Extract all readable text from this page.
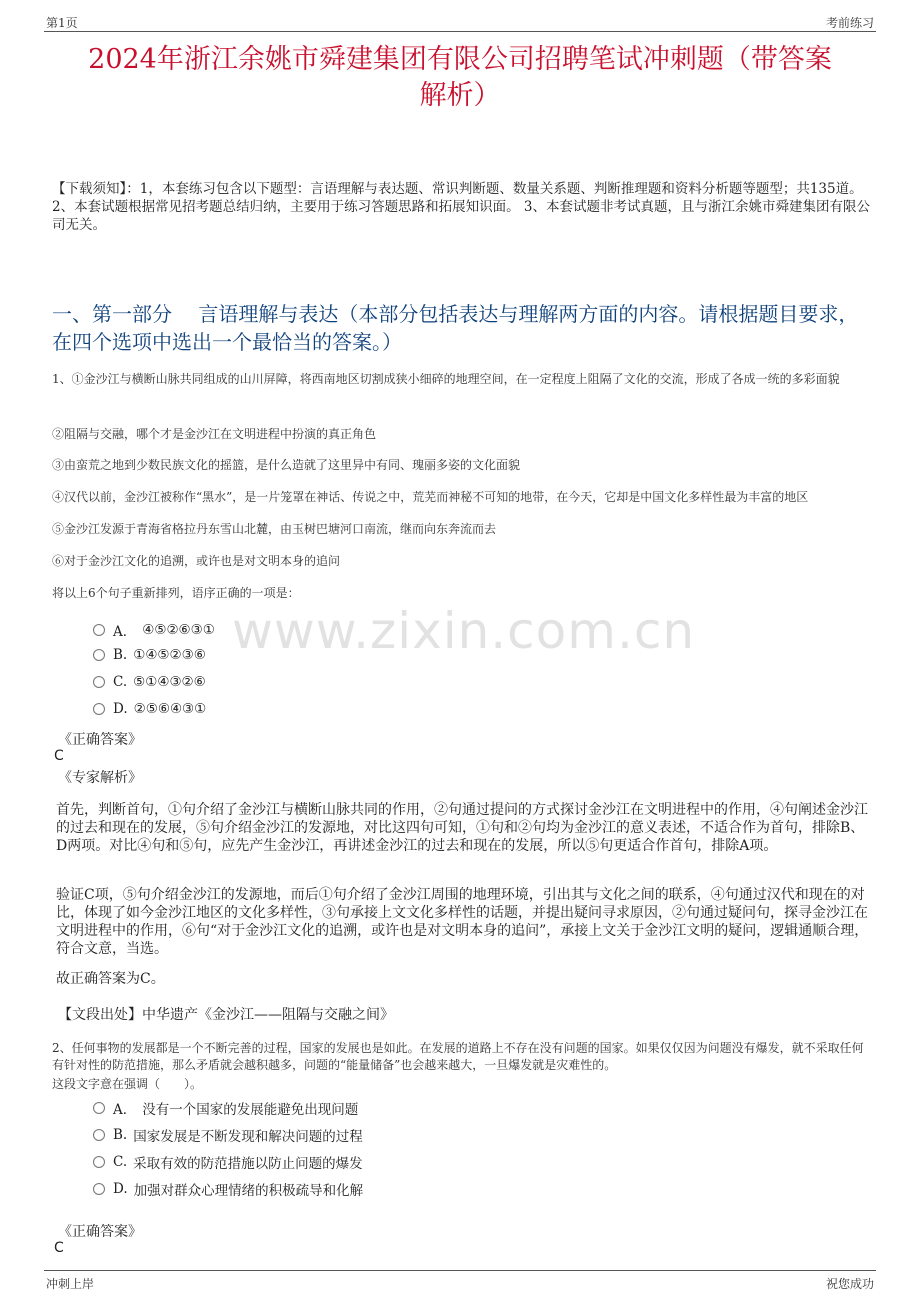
第1页	考前练习
2024年浙江余姚市舜建集团有限公司招聘笔试冲刺题（带答案
解析）
【下载须知】：1，本套练习包含以下题型：言语理解与表达题、常识判断题、数量关系题、判断推理题和资料分析题等题型；共135道。 2、本套试题根据常见招考题总结归纳，主要用于练习答题思路和拓展知识面。 3、本套试题非考试真题，且与浙江余姚市舜建集团有限公司无关。
一、第一部分　 言语理解与表达（本部分包括表达与理解两方面的内容。请根据题目要求，在四个选项中选出一个最恰当的答案。）

1、①金沙江与横断山脉共同组成的山川屏障，将西南地区切割成狭小细碎的地理空间，在一定程度上阻隔了文化的交流，形成了各成一统的多彩面貌

②阻隔与交融，哪个才是金沙江在文明进程中扮演的真正角色

③由蛮荒之地到少数民族文化的摇篮，是什么造就了这里异中有同、瑰丽多姿的文化面貌

④汉代以前，金沙江被称作“黑水”，是一片笼罩在神话、传说之中，荒芜而神秘不可知的地带，在今天，它却是中国文化多样性最为丰富的地区

⑤金沙江发源于青海省格拉丹东雪山北麓，由玉树巴塘河口南流，继而向东奔流而去

⑥对于金沙江文化的追溯，或许也是对文明本身的追问

将以上6个句子重新排列，语序正确的一项是：

www.zixin.com.cn
A． ④⑤②⑥③①
B. ①④⑤②③⑥
C. ⑤①④③②⑥
D. ②⑤⑥④③①
《正确答案》
C
《专家解析》
首先，判断首句，①句介绍了金沙江与横断山脉共同的作用，②句通过提问的方式探讨金沙江在文明进程中的作用，④句阐述金沙江的过去和现在的发展，⑤句介绍金沙江的发源地，对比这四句可知，①句和②句均为金沙江的意义表述，不适合作为首句，排除B、D两项。对比④句和⑤句，应先产生金沙江，再讲述金沙江的过去和现在的发展，所以⑤句更适合作首句，排除A项。
验证C项，⑤句介绍金沙江的发源地，而后①句介绍了金沙江周围的地理环境，引出其与文化之间的联系，④句通过汉代和现在的对比，体现了如今金沙江地区的文化多样性，③句承接上文文化多样性的话题，并提出疑问寻求原因，②句通过疑问句，探寻金沙江在文明进程中的作用，⑥句“对于金沙江文化的追溯，或许也是对文明本身的追问”，承接上文关于金沙江文明的疑问，逻辑通顺合理，符合文意，当选。
故正确答案为C。
【文段出处】中华遗产《金沙江——阻隔与交融之间》
2、任何事物的发展都是一个不断完善的过程，国家的发展也是如此。在发展的道路上不存在没有问题的国家。如果仅仅因为问题没有爆发，就不采取任何有针对性的防范措施，那么矛盾就会越积越多，问题的“能量储备”也会越来越大，一旦爆发就是灾难性的。
这段文字意在强调（　　）。
A． 没有一个国家的发展能避免出现问题
B. 国家发展是不断发现和解决问题的过程
C. 采取有效的防范措施以防止问题的爆发
D. 加强对群众心理情绪的积极疏导和化解
《正确答案》
C
冲刺上岸	祝您成功
